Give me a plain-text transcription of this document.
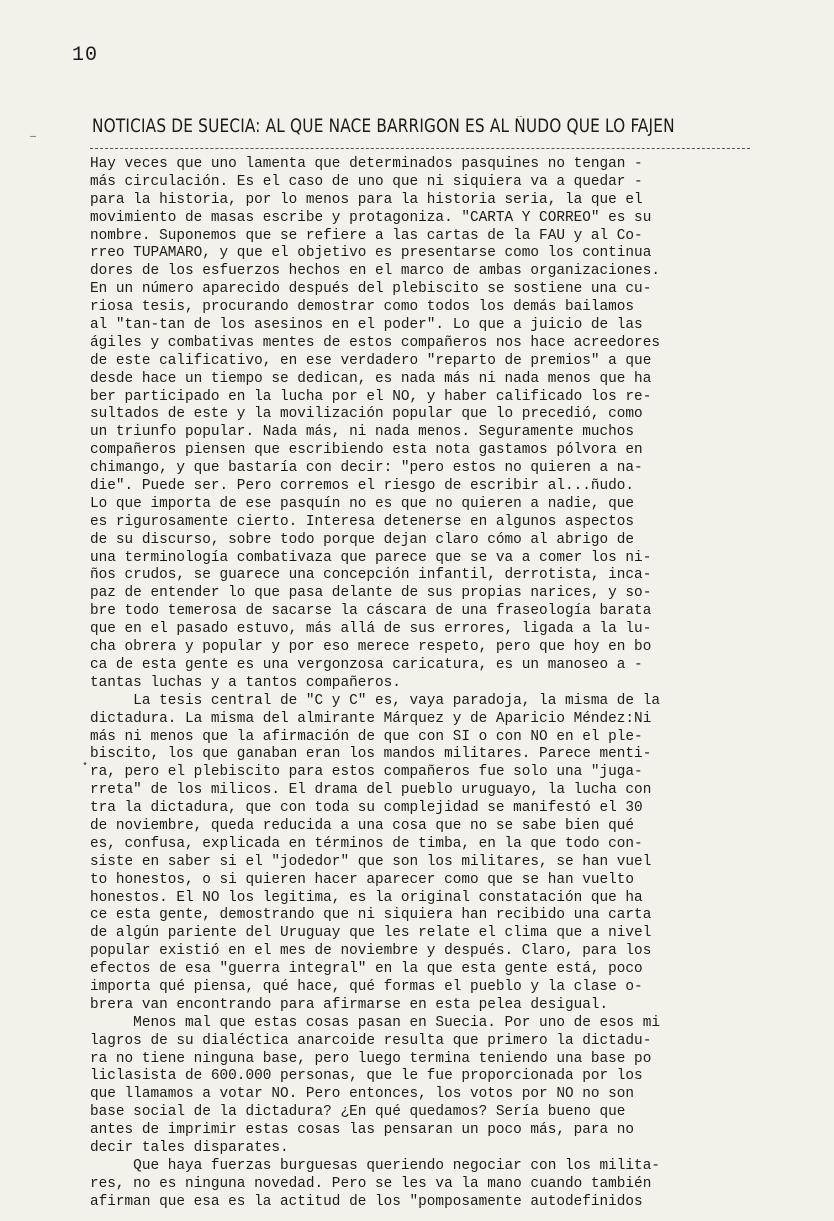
10
NOTICIAS DE SUECIA: AL QUE NACE BARRIGON ES AL ÑUDO QUE LO FAJEN
—
•
Hay veces que uno lamenta que determinados pasquines no tengan -
más circulación. Es el caso de uno que ni siquiera va a quedar -
para la historia, por lo menos para la historia seria, la que el
movimiento de masas escribe y protagoniza. "CARTA Y CORREO" es su
nombre. Suponemos que se refiere a las cartas de la FAU y al Co-
rreo TUPAMARO, y que el objetivo es presentarse como los continua
dores de los esfuerzos hechos en el marco de ambas organizaciones.
En un número aparecido después del plebiscito se sostiene una cu-
riosa tesis, procurando demostrar como todos los demás bailamos
al "tan-tan de los asesinos en el poder". Lo que a juicio de las
ágiles y combativas mentes de estos compañeros nos hace acreedores
de este calificativo, en ese verdadero "reparto de premios" a que
desde hace un tiempo se dedican, es nada más ni nada menos que ha
ber participado en la lucha por el NO, y haber calificado los re-
sultados de este y la movilización popular que lo precedió, como
un triunfo popular. Nada más, ni nada menos. Seguramente muchos
compañeros piensen que escribiendo esta nota gastamos pólvora en
chimango, y que bastaría con decir: "pero estos no quieren a na-
die". Puede ser. Pero corremos el riesgo de escribir al...ñudo.
Lo que importa de ese pasquín no es que no quieren a nadie, que
es rigurosamente cierto. Interesa detenerse en algunos aspectos
de su discurso, sobre todo porque dejan claro cómo al abrigo de
una terminología combativaza que parece que se va a comer los ni-
ños crudos, se guarece una concepción infantil, derrotista, inca-
paz de entender lo que pasa delante de sus propias narices, y so-
bre todo temerosa de sacarse la cáscara de una fraseología barata
que en el pasado estuvo, más allá de sus errores, ligada a la lu-
cha obrera y popular y por eso merece respeto, pero que hoy en bo
ca de esta gente es una vergonzosa caricatura, es un manoseo a -
tantas luchas y a tantos compañeros.
La tesis central de "C y C" es, vaya paradoja, la misma de la
dictadura. La misma del almirante Márquez y de Aparicio Méndez:Ni
más ni menos que la afirmación de que con SI o con NO en el ple-
biscito, los que ganaban eran los mandos militares. Parece menti-
ra, pero el plebiscito para estos compañeros fue solo una "juga-
rreta" de los milicos. El drama del pueblo uruguayo, la lucha con
tra la dictadura, que con toda su complejidad se manifestó el 30
de noviembre, queda reducida a una cosa que no se sabe bien qué
es, confusa, explicada en términos de timba, en la que todo con-
siste en saber si el "jodedor" que son los militares, se han vuel
to honestos, o si quieren hacer aparecer como que se han vuelto
honestos. El NO los legitima, es la original constatación que ha
ce esta gente, demostrando que ni siquiera han recibido una carta
de algún pariente del Uruguay que les relate el clima que a nivel
popular existió en el mes de noviembre y después. Claro, para los
efectos de esa "guerra integral" en la que esta gente está, poco
importa qué piensa, qué hace, qué formas el pueblo y la clase o-
brera van encontrando para afirmarse en esta pelea desigual.
Menos mal que estas cosas pasan en Suecia. Por uno de esos mi
lagros de su dialéctica anarcoide resulta que primero la dictadu-
ra no tiene ninguna base, pero luego termina teniendo una base po
liclasista de 600.000 personas, que le fue proporcionada por los
que llamamos a votar NO. Pero entonces, los votos por NO no son
base social de la dictadura? ¿En qué quedamos? Sería bueno que
antes de imprimir estas cosas las pensaran un poco más, para no
decir tales disparates.
Que haya fuerzas burguesas queriendo negociar con los milita-
res, no es ninguna novedad. Pero se les va la mano cuando también
afirman que esa es la actitud de los "pomposamente autodefinidos
